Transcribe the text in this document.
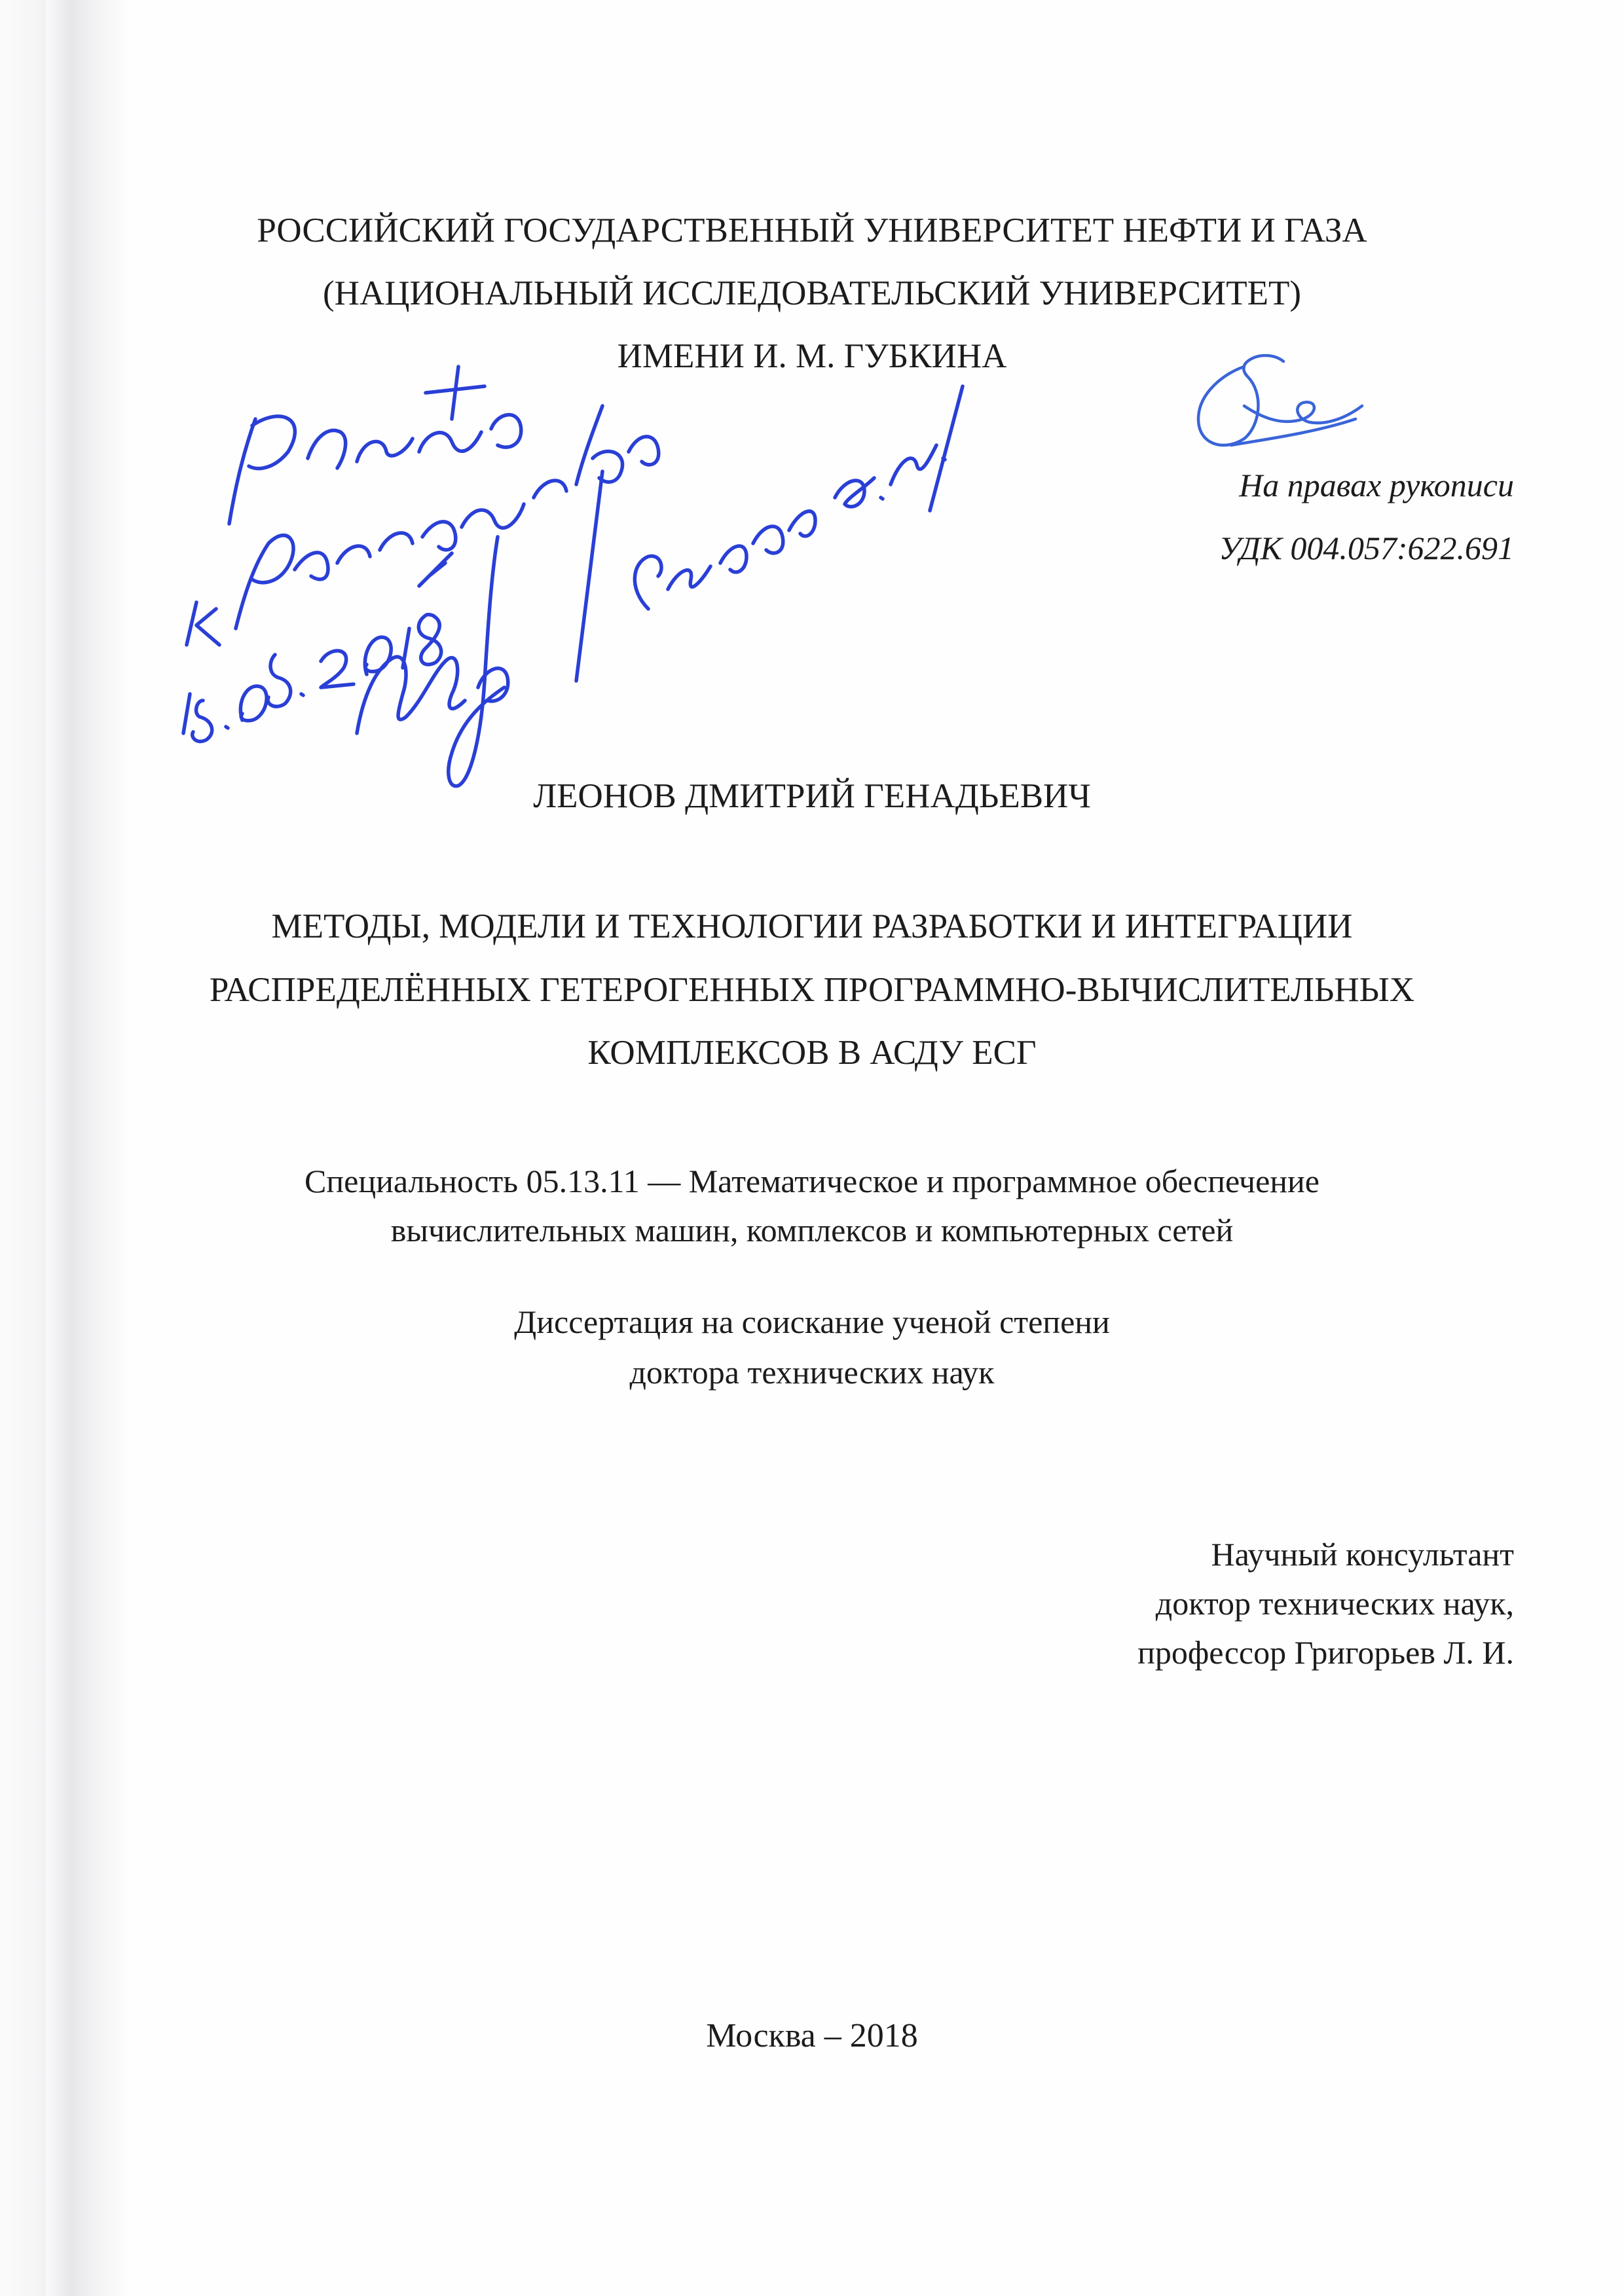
РОССИЙСКИЙ ГОСУДАРСТВЕННЫЙ УНИВЕРСИТЕТ НЕФТИ И ГАЗА

(НАЦИОНАЛЬНЫЙ ИССЛЕДОВАТЕЛЬСКИЙ УНИВЕРСИТЕТ)

ИМЕНИ И. М. ГУБКИНА

На правах рукописи
УДК 004.057:622.691

ЛЕОНОВ ДМИТРИЙ ГЕНАДЬЕВИЧ

МЕТОДЫ, МОДЕЛИ И ТЕХНОЛОГИИ РАЗРАБОТКИ И ИНТЕГРАЦИИ

РАСПРЕДЕЛЁННЫХ ГЕТЕРОГЕННЫХ ПРОГРАММНО-ВЫЧИСЛИТЕЛЬНЫХ

КОМПЛЕКСОВ В АСДУ ЕСГ

Специальность 05.13.11 — Математическое и программное обеспечение

вычислительных машин, комплексов и компьютерных сетей

Диссертация на соискание ученой степени

доктора технических наук

Научный консультант
доктор технических наук,
профессор Григорьев Л. И.

Москва – 2018
